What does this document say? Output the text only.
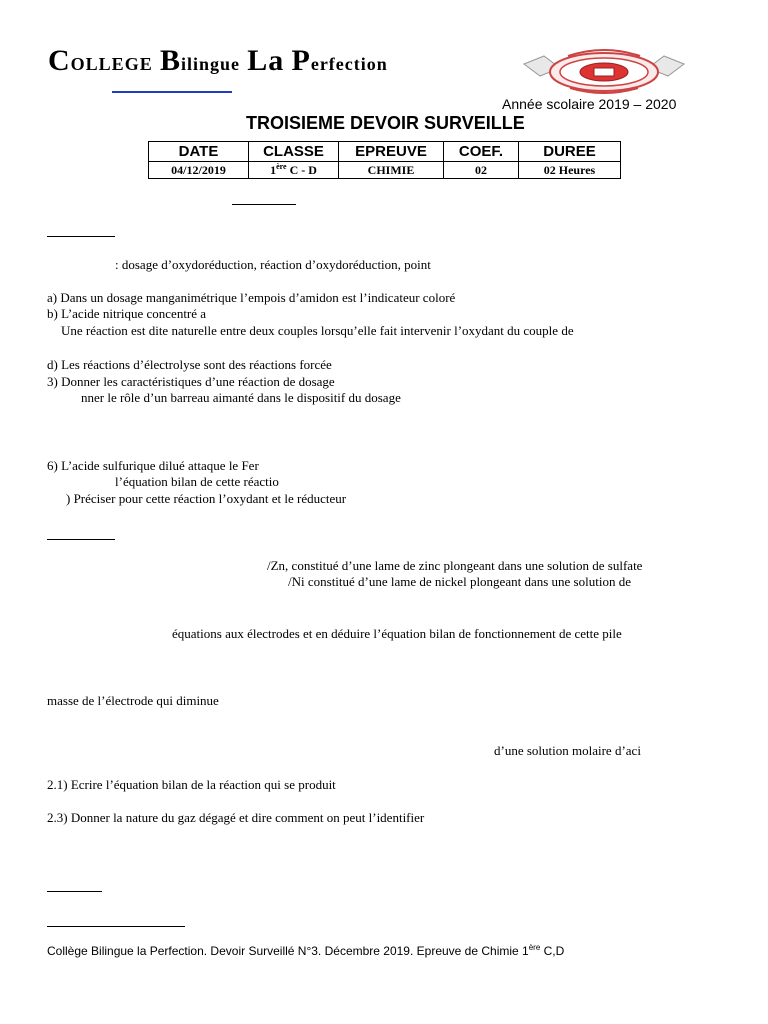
COLLEGE Bilingue La Perfection
Année scolaire 2019 – 2020
TROISIEME DEVOIR SURVEILLE
DATE	CLASSE	EPREUVE	COEF.	DUREE
04/12/2019	1ère C - D	CHIMIE	02	02 Heures
: dosage d’oxydoréduction, réaction d’oxydoréduction, point
a) Dans un dosage manganimétrique l’empois d’amidon est l’indicateur coloré
b) L’acide nitrique concentré a
Une réaction est dite naturelle entre deux couples lorsqu’elle fait intervenir l’oxydant du couple de
d) Les réactions d’électrolyse sont des réactions forcée
3) Donner les caractéristiques d’une réaction de dosage
nner le rôle d’un barreau aimanté dans le dispositif du dosage
6) L’acide sulfurique dilué attaque le Fer
l’équation bilan de cette réactio
) Préciser pour cette réaction l’oxydant et le réducteur
/Zn, constitué d’une lame de zinc plongeant dans une solution de sulfate
/Ni constitué d’une lame de nickel plongeant dans une solution de
équations aux électrodes et en déduire l’équation bilan de fonctionnement de cette pile
masse de l’électrode qui diminue
d’une solution molaire d’aci
2.1) Ecrire l’équation bilan de la réaction qui se produit
2.3) Donner la nature du gaz dégagé et dire comment on peut l’identifier
Collège Bilingue la Perfection. Devoir Surveillé N°3. Décembre 2019. Epreuve de Chimie 1ère C,D
